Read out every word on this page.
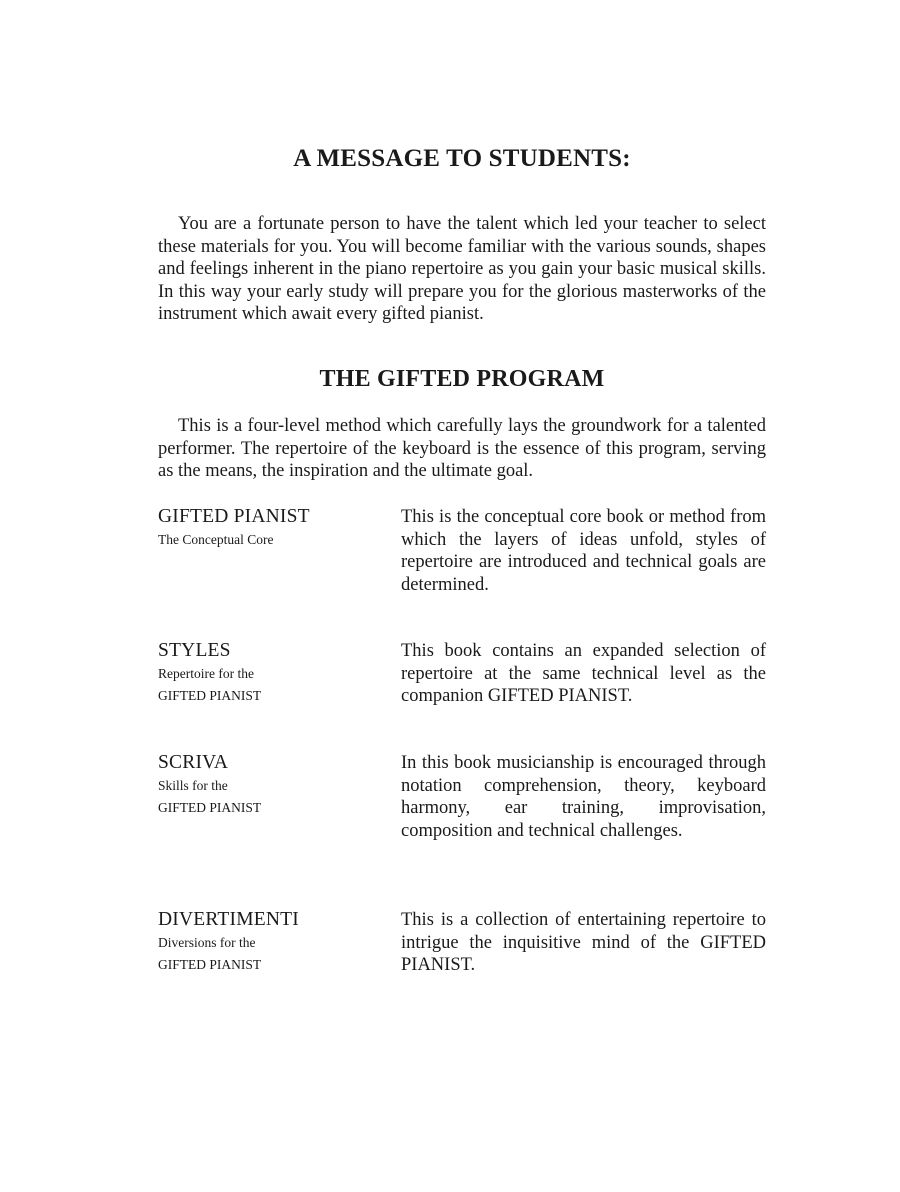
A MESSAGE TO STUDENTS:

You are a fortunate person to have the talent which led your teacher to select these materials for you. You will become familiar with the various sounds, shapes and feelings inherent in the piano repertoire as you gain your basic musical skills. In this way your early study will prepare you for the glorious masterworks of the instrument which await every gifted pianist.

THE GIFTED PROGRAM

This is a four-level method which carefully lays the groundwork for a talented performer. The repertoire of the keyboard is the essence of this program, serving as the means, the inspiration and the ultimate goal.

GIFTED PIANIST
The Conceptual Core

This is the conceptual core book or method from which the layers of ideas unfold, styles of repertoire are introduced and technical goals are determined.

STYLES
Repertoire for the
GIFTED PIANIST

This book contains an expanded selection of repertoire at the same technical level as the companion GIFTED PIANIST.

SCRIVA
Skills for the
GIFTED PIANIST

In this book musicianship is encouraged through notation comprehension, theory, keyboard harmony, ear training, improvisation, composition and technical challenges.

DIVERTIMENTI
Diversions for the
GIFTED PIANIST

This is a collection of entertaining repertoire to intrigue the inquisitive mind of the GIFTED PIANIST.
